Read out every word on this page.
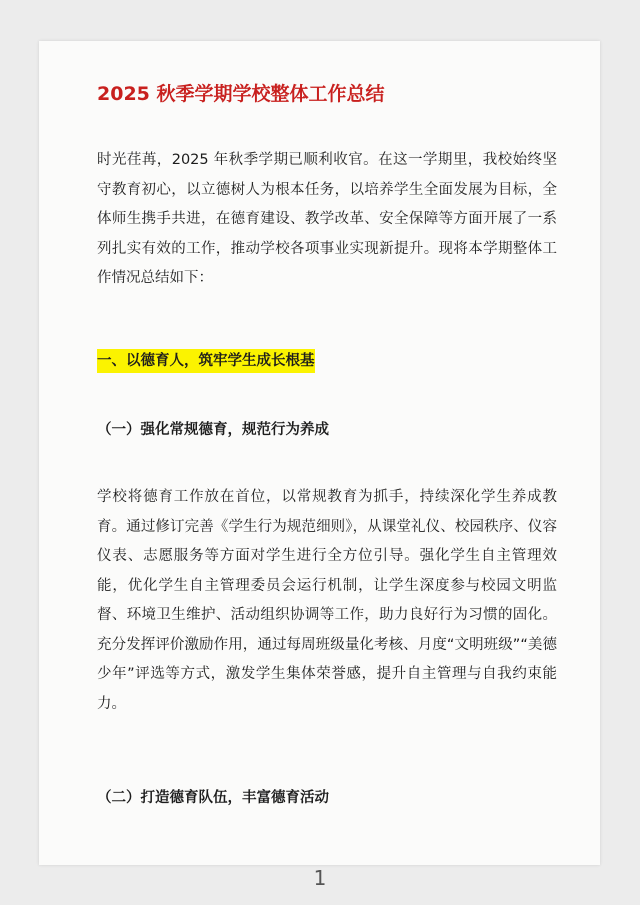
2025 秋季学期学校整体工作总结

时光荏苒，2025 年秋季学期已顺利收官。在这一学期里，我校始终坚守教育初心，以立德树人为根本任务，以培养学生全面发展为目标，全体师生携手共进，在德育建设、教学改革、安全保障等方面开展了一系列扎实有效的工作，推动学校各项事业实现新提升。现将本学期整体工作情况总结如下：

一、以德育人，筑牢学生成长根基
（一）强化常规德育，规范行为养成

学校将德育工作放在首位，以常规教育为抓手，持续深化学生养成教育。通过修订完善《学生行为规范细则》，从课堂礼仪、校园秩序、仪容仪表、志愿服务等方面对学生进行全方位引导。强化学生自主管理效能，优化学生自主管理委员会运行机制，让学生深度参与校园文明监督、环境卫生维护、活动组织协调等工作，助力良好行为习惯的固化。充分发挥评价激励作用，通过每周班级量化考核、月度“文明班级”“美德少年”评选等方式，激发学生集体荣誉感，提升自主管理与自我约束能力。

（二）打造德育队伍，丰富德育活动
1
